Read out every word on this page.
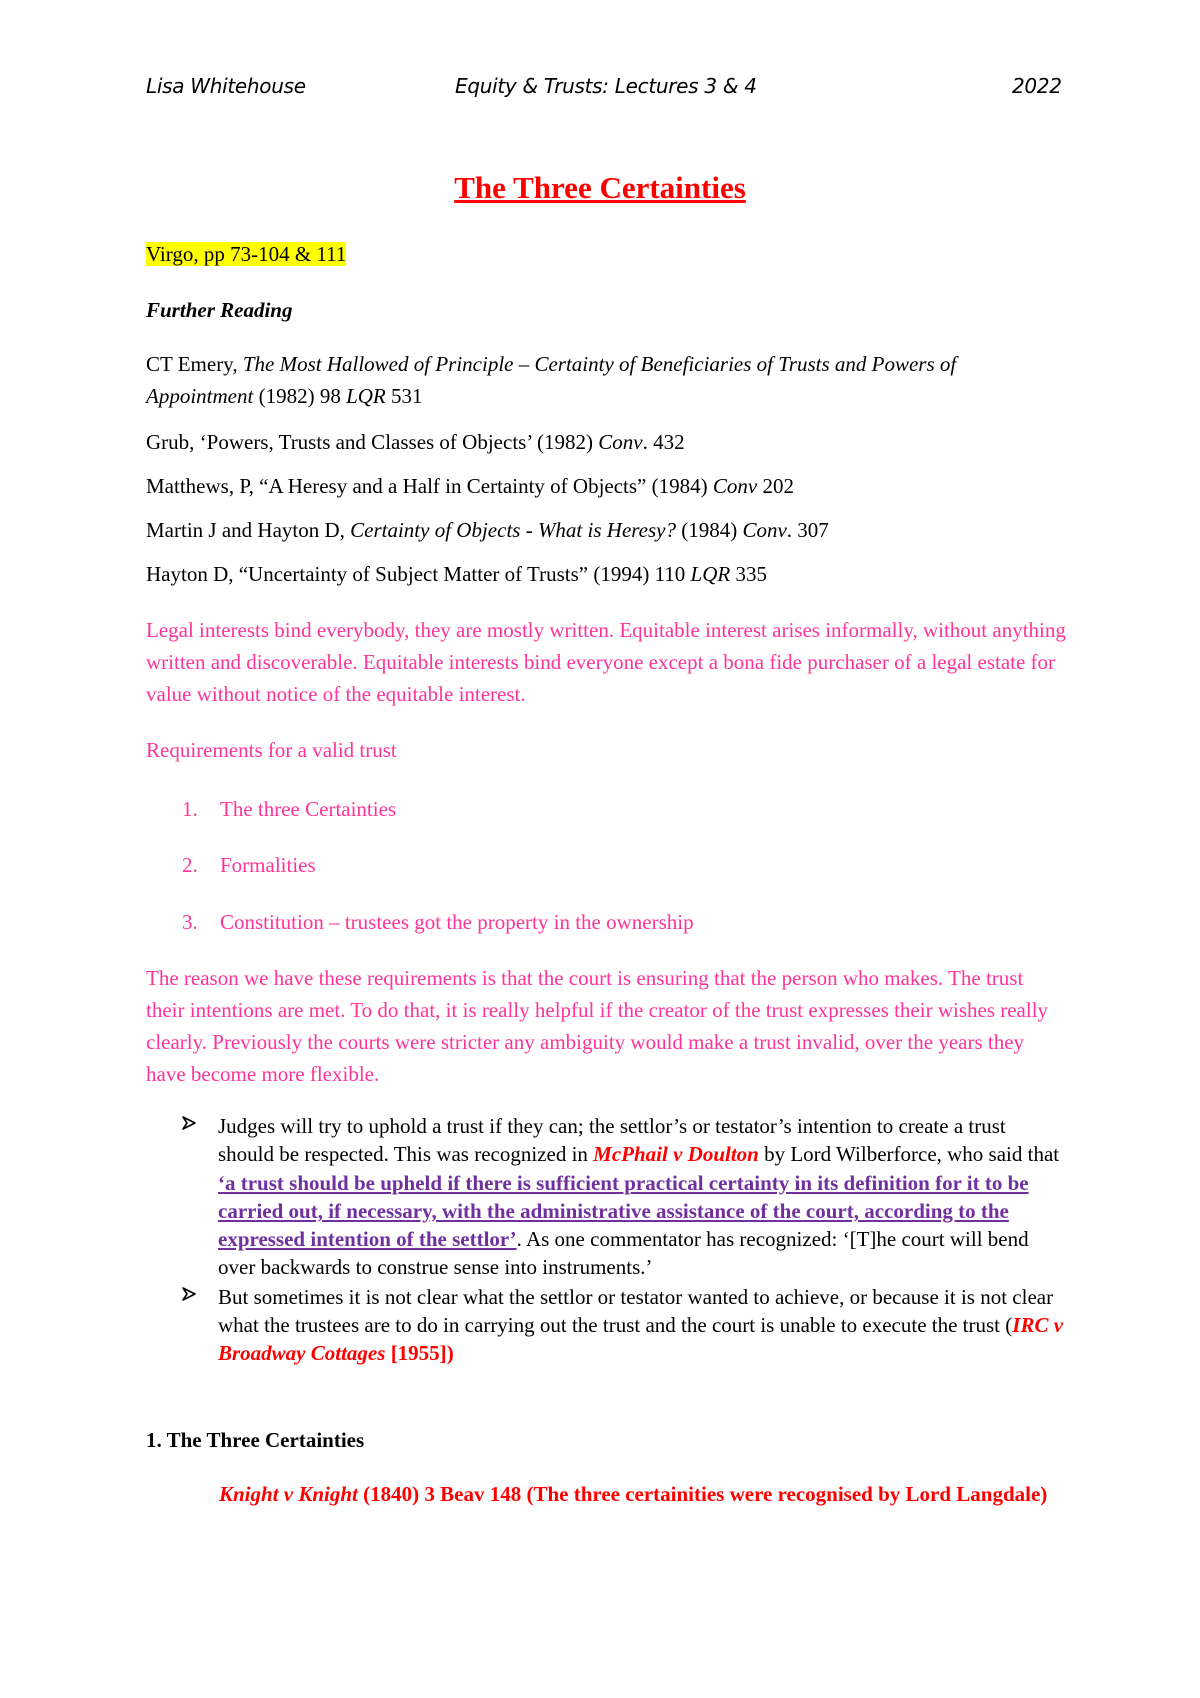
Lisa Whitehouse	Equity & Trusts: Lectures 3 & 4	2022
The Three Certainties
Virgo, pp 73-104 & 111
Further Reading
CT Emery, The Most Hallowed of Principle – Certainty of Beneficiaries of Trusts and Powers of Appointment (1982) 98 LQR 531
Grub, ‘Powers, Trusts and Classes of Objects’ (1982) Conv. 432
Matthews, P, “A Heresy and a Half in Certainty of Objects” (1984) Conv 202
Martin J and Hayton D, Certainty of Objects - What is Heresy? (1984) Conv. 307
Hayton D, “Uncertainty of Subject Matter of Trusts” (1994) 110 LQR 335
Legal interests bind everybody, they are mostly written. Equitable interest arises informally, without anything written and discoverable. Equitable interests bind everyone except a bona fide purchaser of a legal estate for value without notice of the equitable interest.
Requirements for a valid trust
1.	The three Certainties
2.	Formalities
3.	Constitution – trustees got the property in the ownership
The reason we have these requirements is that the court is ensuring that the person who makes. The trust their intentions are met. To do that, it is really helpful if the creator of the trust expresses their wishes really clearly. Previously the courts were stricter any ambiguity would make a trust invalid, over the years they have become more flexible.
Judges will try to uphold a trust if they can; the settlor’s or testator’s intention to create a trust should be respected. This was recognized in McPhail v Doulton by Lord Wilberforce, who said that ‘a trust should be upheld if there is sufficient practical certainty in its definition for it to be carried out, if necessary, with the administrative assistance of the court, according to the expressed intention of the settlor’. As one commentator has recognized: ‘[T]he court will bend over backwards to construe sense into instruments.’
But sometimes it is not clear what the settlor or testator wanted to achieve, or because it is not clear what the trustees are to do in carrying out the trust and the court is unable to execute the trust (IRC v Broadway Cottages [1955])
1. The Three Certainties
Knight v Knight (1840) 3 Beav 148 (The three certainities were recognised by Lord Langdale)
